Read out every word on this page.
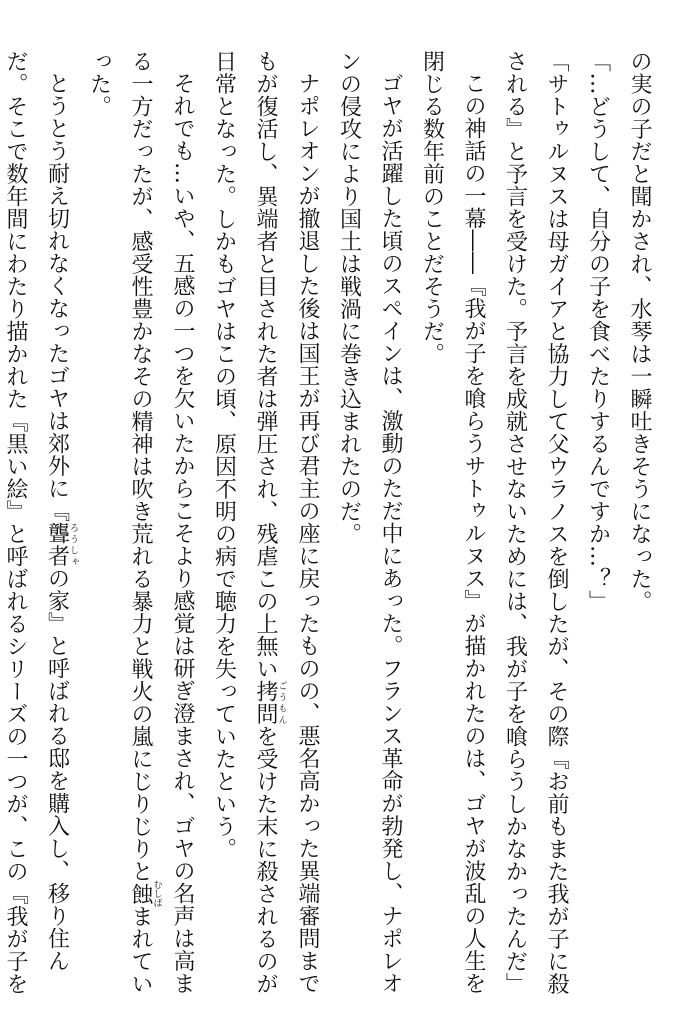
の実の子だと聞かされ、水琴は一瞬吐きそうになった。

「…どうして、自分の子を食べたりするんですか…？」

「サトゥルヌスは母ガイアと協力して父ウラノスを倒したが、その際『お前もまた我が子に殺

される』と予言を受けた。予言を成就させないためには、我が子を喰らうしかなかったんだ」

この神話の一幕――『我が子を喰らうサトゥルヌス』が描かれたのは、ゴヤが波乱の人生を

閉じる数年前のことだそうだ。

ゴヤが活躍した頃のスペインは、激動のただ中にあった。フランス革命が勃発し、ナポレオ

ンの侵攻により国土は戦渦に巻き込まれたのだ。

ナポレオンが撤退した後は国王が再び君主の座に戻ったものの、悪名高かった異端審問まで

もが復活し、異端者と目された者は弾圧され、残虐この上無い拷問ごうもんを受けた末に殺されるのが

日常となった。しかもゴヤはこの頃、原因不明の病で聴力を失っていたという。

それでも…いや、五感の一つを欠いたからこそより感覚は研ぎ澄まされ、ゴヤの名声は高ま

る一方だったが、感受性豊かなその精神は吹き荒れる暴力と戦火の嵐にじりじりと蝕むしばまれてい

った。

とうとう耐え切れなくなったゴヤは郊外に『聾者ろうしゃの家』と呼ばれる邸を購入し、移り住ん

だ。そこで数年間にわたり描かれた『黒い絵』と呼ばれるシリーズの一つが、この『我が子を
